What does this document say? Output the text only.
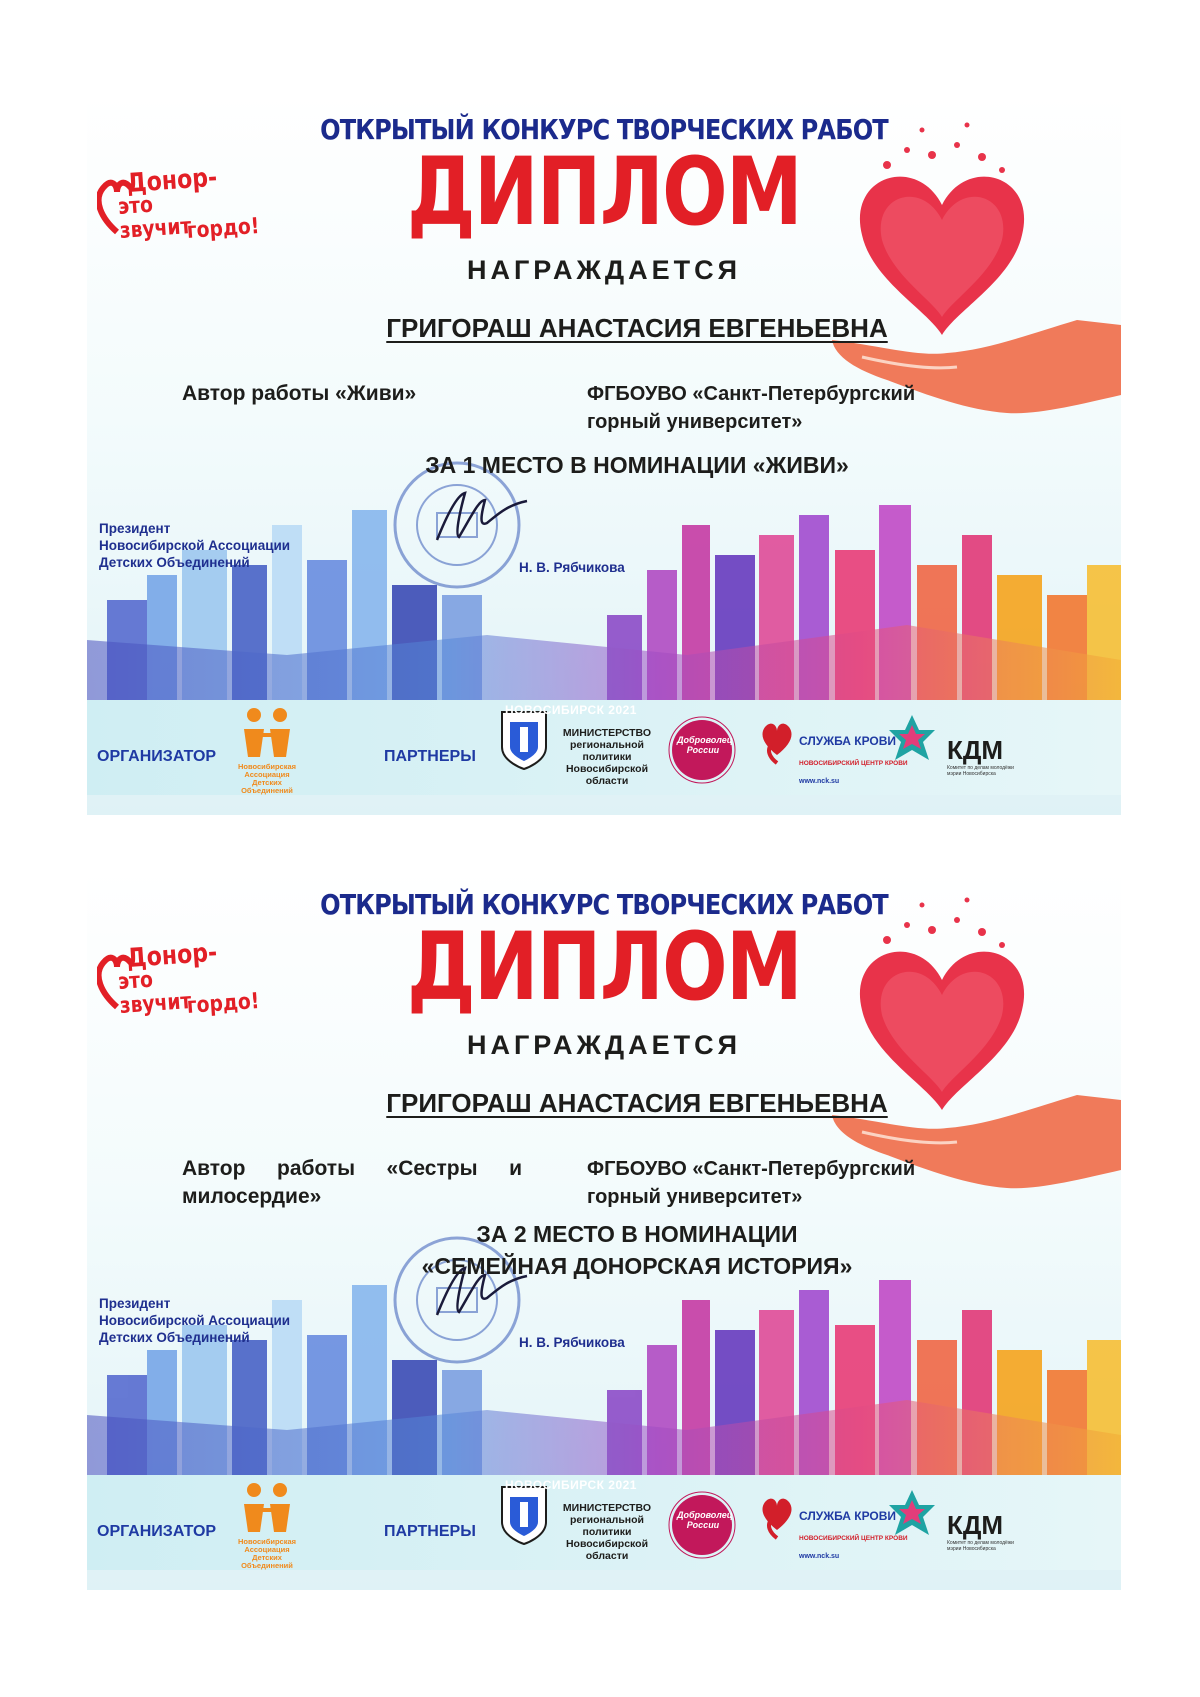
Донор-
это звучит
гордо!
ОТКРЫТЫЙ КОНКУРС ТВОРЧЕСКИХ РАБОТ
ДИПЛОМ
НАГРАЖДАЕТСЯ
ГРИГОРАШ АНАСТАСИЯ ЕВГЕНЬЕВНА
Автор работы «Живи»	ФГБОУВО «Санкт-Петербургский горный университет»
ЗА 1 МЕСТО В НОМИНАЦИИ «ЖИВИ»
Президент
Новосибирской Ассоциации
Детских Объединений	Н. В. Рябчикова
НОВОСИБИРСК 2021
ОРГАНИЗАТОР
Новосибирская Ассоциация Детских Объединений
ПАРТНЕРЫ
МИНИСТЕРСТВО региональной политики Новосибирской области
Доброволец России
СЛУЖБА КРОВИ
НОВОСИБИРСКИЙ ЦЕНТР КРОВИ
www.nck.su
КДМ
Комитет по делам молодёжи мэрии Новосибирска
Донор-
это звучит
гордо!
ОТКРЫТЫЙ КОНКУРС ТВОРЧЕСКИХ РАБОТ
ДИПЛОМ
НАГРАЖДАЕТСЯ
ГРИГОРАШ АНАСТАСИЯ ЕВГЕНЬЕВНА
Автор работы «Сестры и милосердие»
ФГБОУВО «Санкт-Петербургский горный университет»
ЗА 2 МЕСТО В НОМИНАЦИИ
«СЕМЕЙНАЯ ДОНОРСКАЯ ИСТОРИЯ»
Президент
Новосибирской Ассоциации
Детских Объединений	Н. В. Рябчикова
НОВОСИБИРСК 2021
ОРГАНИЗАТОР
Новосибирская Ассоциация Детских Объединений
ПАРТНЕРЫ
МИНИСТЕРСТВО региональной политики Новосибирской области
Доброволец России
СЛУЖБА КРОВИ
НОВОСИБИРСКИЙ ЦЕНТР КРОВИ
www.nck.su
КДМ
Комитет по делам молодёжи мэрии Новосибирска
